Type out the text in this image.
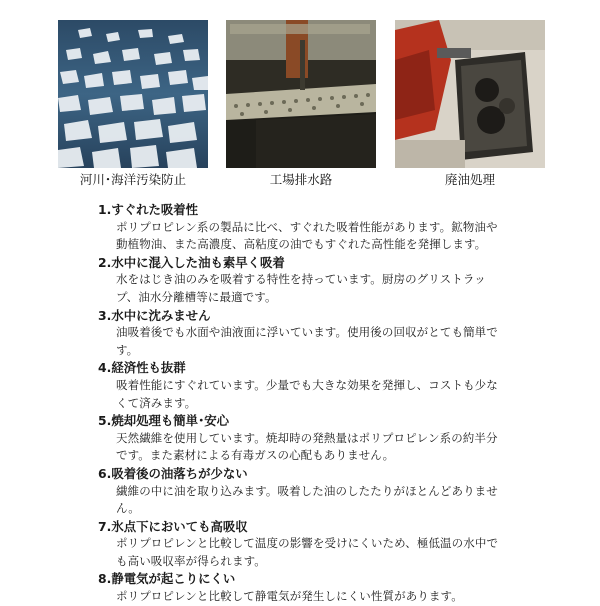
河川･海洋汚染防止	工場排水路	廃油処理

1.すぐれた吸着性

ポリプロピレン系の製品に比べ、すぐれた吸着性能があります。鉱物油や動植物油、また高濃度、高粘度の油でもすぐれた高性能を発揮します。

2.水中に混入した油も素早く吸着

水をはじき油のみを吸着する特性を持っています。厨房のグリストラップ、油水分離槽等に最適です。

3.水中に沈みません

油吸着後でも水面や油液面に浮いています。使用後の回収がとても簡単です。

4.経済性も抜群

吸着性能にすぐれています。少量でも大きな効果を発揮し、コストも少なくて済みます。

5.焼却処理も簡単･安心

天然繊維を使用しています。焼却時の発熱量はポリプロピレン系の約半分です。また素材による有毒ガスの心配もありません。

6.吸着後の油落ちが少ない

繊維の中に油を取り込みます。吸着した油のしたたりがほとんどありません。

7.氷点下においても高吸収

ポリプロピレンと比較して温度の影響を受けにくいため、極低温の水中でも高い吸収率が得られます。

8.静電気が起こりにくい

ポリプロピレンと比較して静電気が発生しにくい性質があります。
